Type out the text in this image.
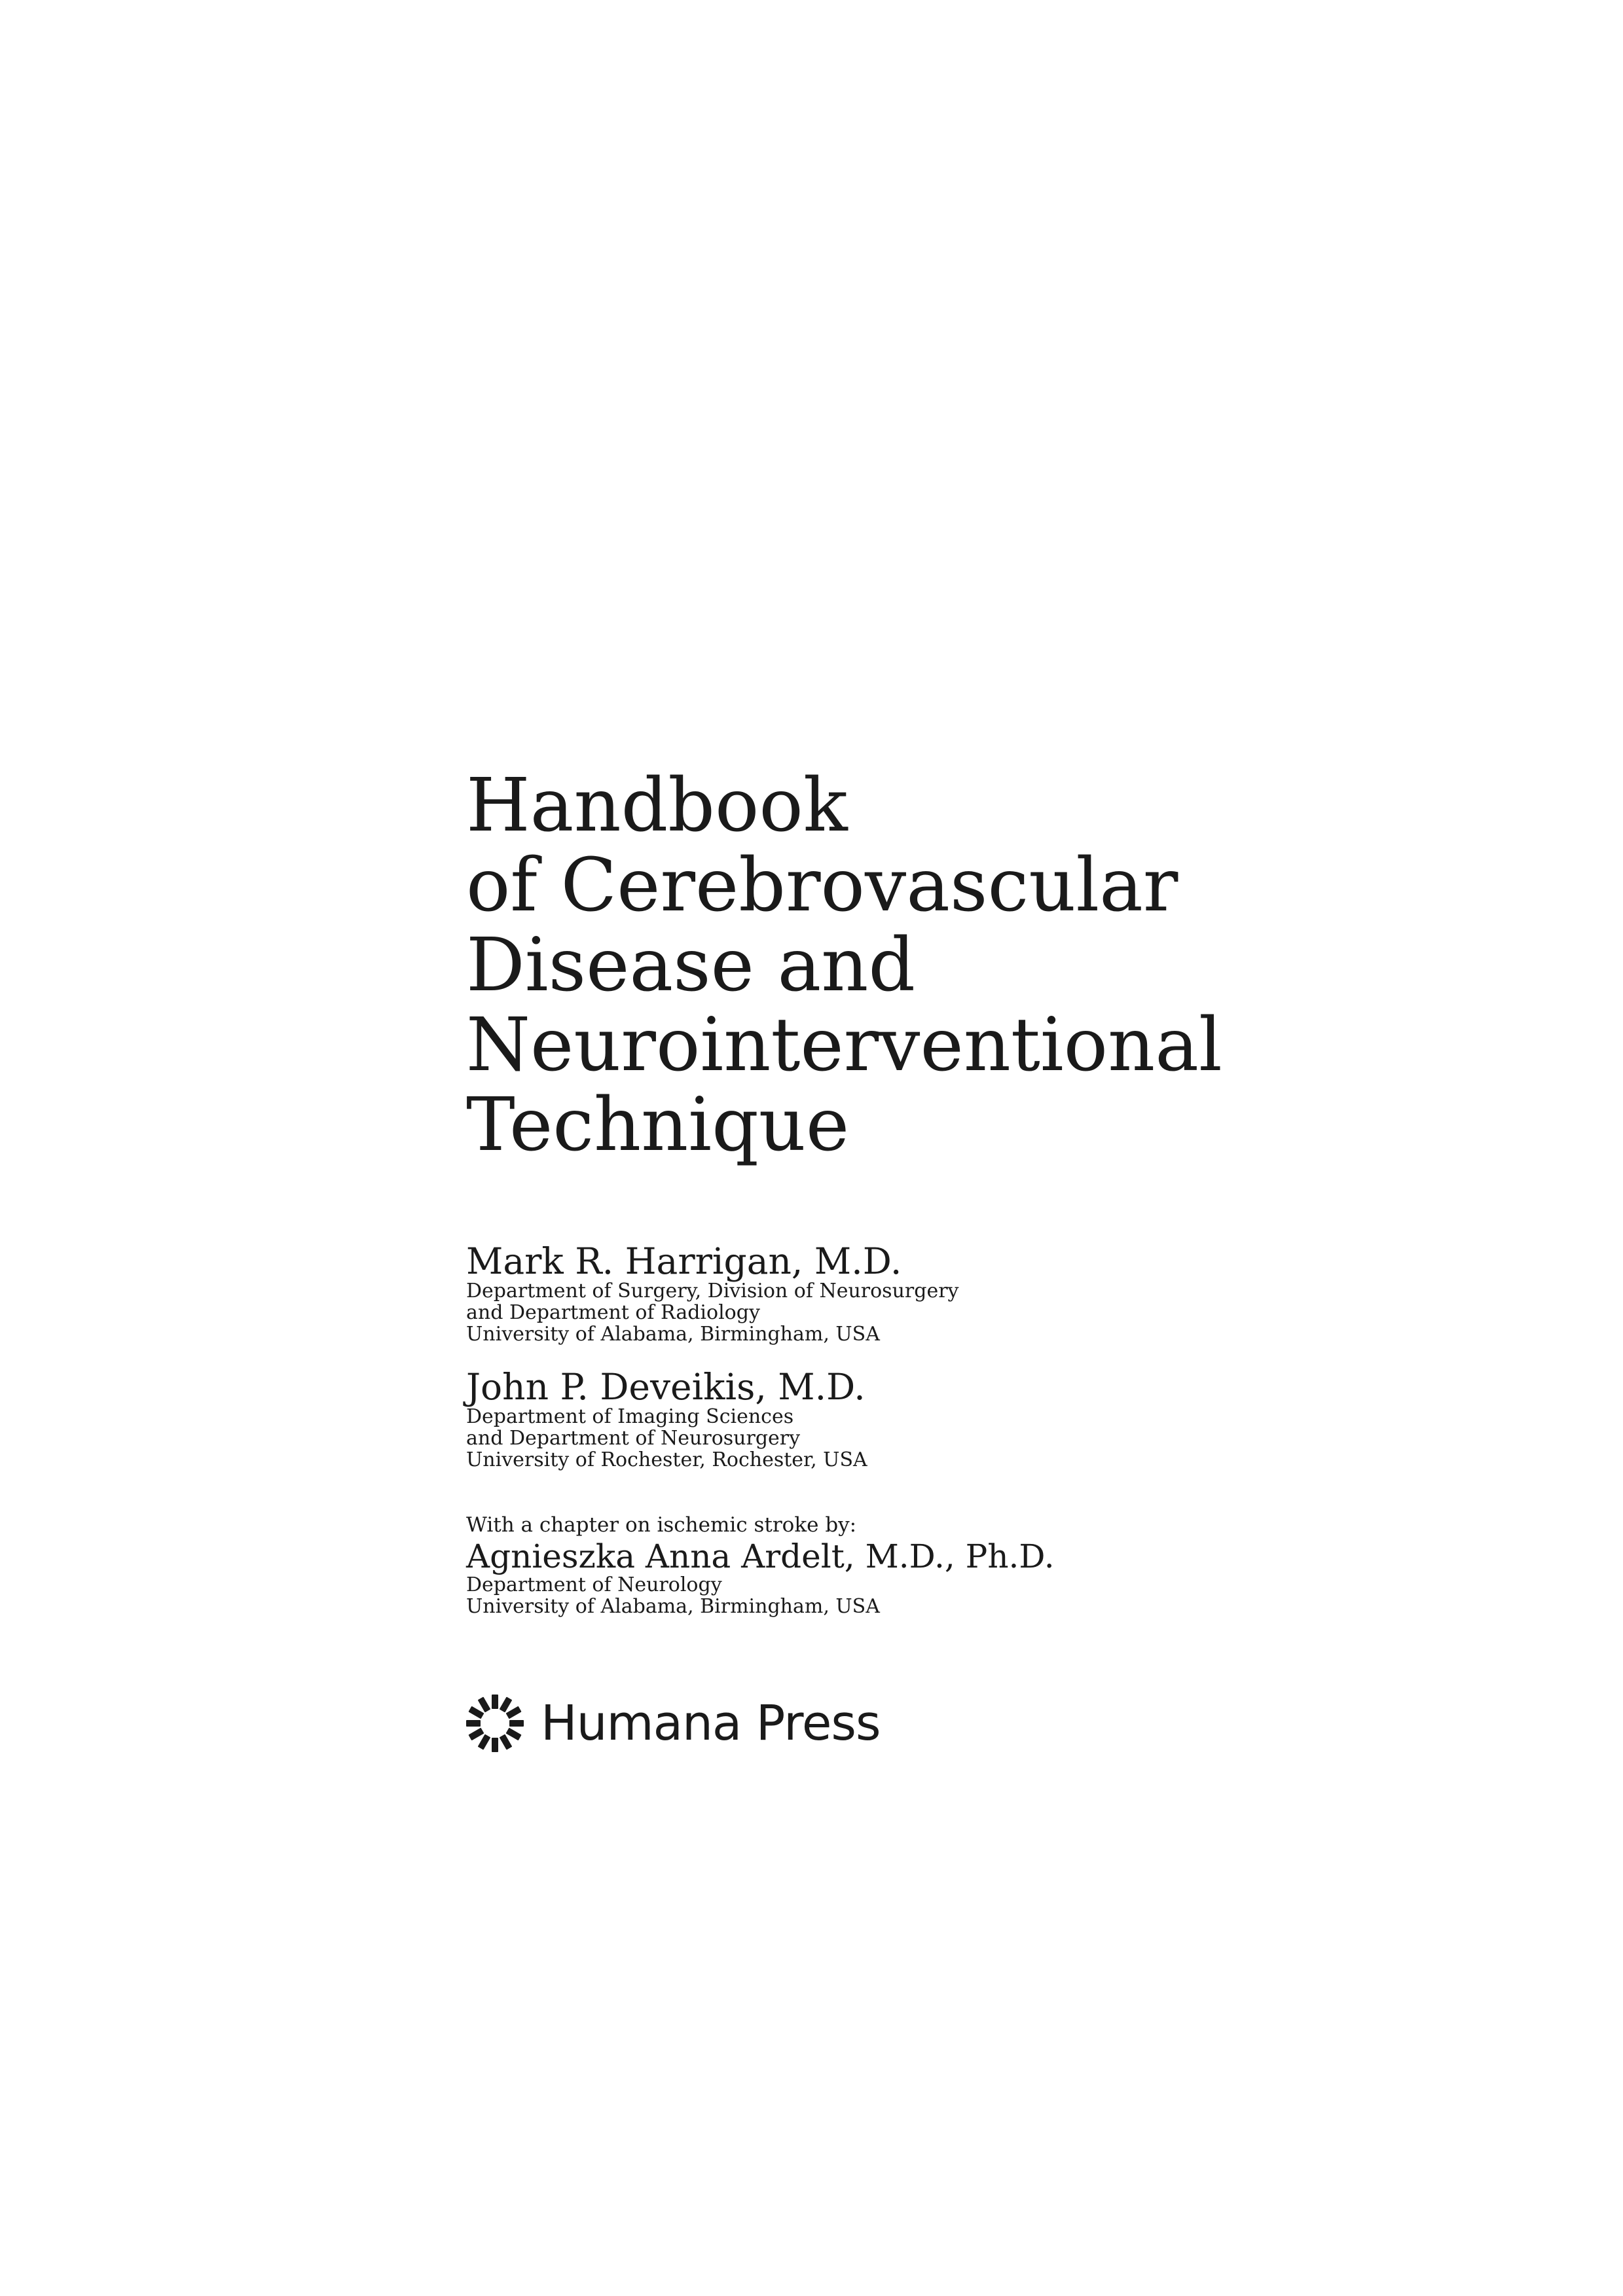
Handbook
of Cerebrovascular
Disease and
Neurointerventional
Technique
Mark R. Harrigan, M.D.
Department of Surgery, Division of Neurosurgery
and Department of Radiology
University of Alabama, Birmingham, USA
John P. Deveikis, M.D.
Department of Imaging Sciences
and Department of Neurosurgery
University of Rochester, Rochester, USA
With a chapter on ischemic stroke by:
Agnieszka Anna Ardelt, M.D., Ph.D.
Department of Neurology
University of Alabama, Birmingham, USA
Humana Press
